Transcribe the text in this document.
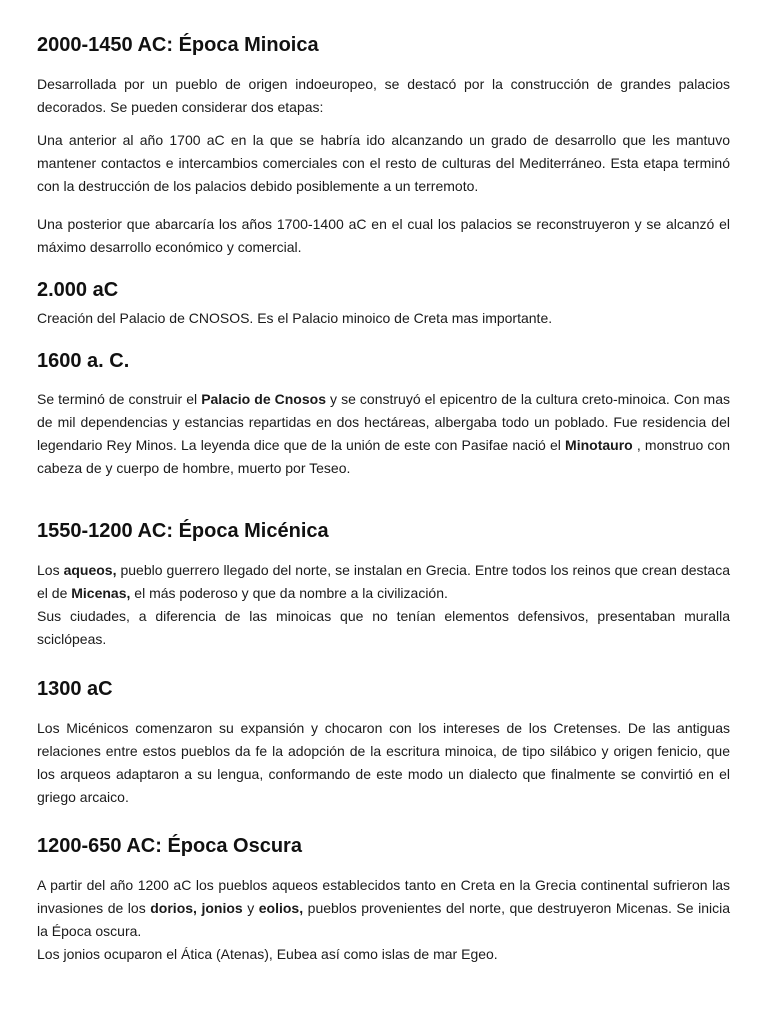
2000-1450 AC: Época Minoica

Desarrollada por un pueblo de origen indoeuropeo, se destacó por la construcción de grandes palacios decorados. Se pueden considerar dos etapas:

Una anterior al año 1700 aC en la que se habría ido alcanzando un grado de desarrollo que les mantuvo mantener contactos e intercambios comerciales con el resto de culturas del Mediterráneo. Esta etapa terminó con la destrucción de los palacios debido posiblemente a un terremoto.

Una posterior que abarcaría los años 1700-1400 aC en el cual los palacios se reconstruyeron y se alcanzó el máximo desarrollo económico y comercial.

2.000 aC

Creación del Palacio de CNOSOS. Es el Palacio minoico de Creta mas importante.

1600 a. C.

Se terminó de construir el Palacio de Cnosos y se construyó el epicentro de la cultura creto-minoica. Con mas de mil dependencias y estancias repartidas en dos hectáreas, albergaba todo un poblado. Fue residencia del legendario Rey Minos. La leyenda dice que de la unión de este con Pasifae nació el Minotauro , monstruo con cabeza de y cuerpo de hombre, muerto por Teseo.

1550-1200 AC: Época Micénica

Los aqueos, pueblo guerrero llegado del norte, se instalan en Grecia. Entre todos los reinos que crean destaca el de Micenas, el más poderoso y que da nombre a la civilización.

Sus ciudades, a diferencia de las minoicas que no tenían elementos defensivos, presentaban muralla sciclópeas.

1300 aC

Los Micénicos comenzaron su expansión y chocaron con los intereses de los Cretenses. De las antiguas relaciones entre estos pueblos da fe la adopción de la escritura minoica, de tipo silábico y origen fenicio, que los arqueos adaptaron a su lengua, conformando de este modo un dialecto que finalmente se convirtió en el griego arcaico.

1200-650 AC: Época Oscura

A partir del año 1200 aC los pueblos aqueos establecidos tanto en Creta en la Grecia continental sufrieron las invasiones de los dorios, jonios y eolios, pueblos provenientes del norte, que destruyeron Micenas. Se inicia la Época oscura.

Los jonios ocuparon el Ática (Atenas), Eubea así como islas de mar Egeo.
